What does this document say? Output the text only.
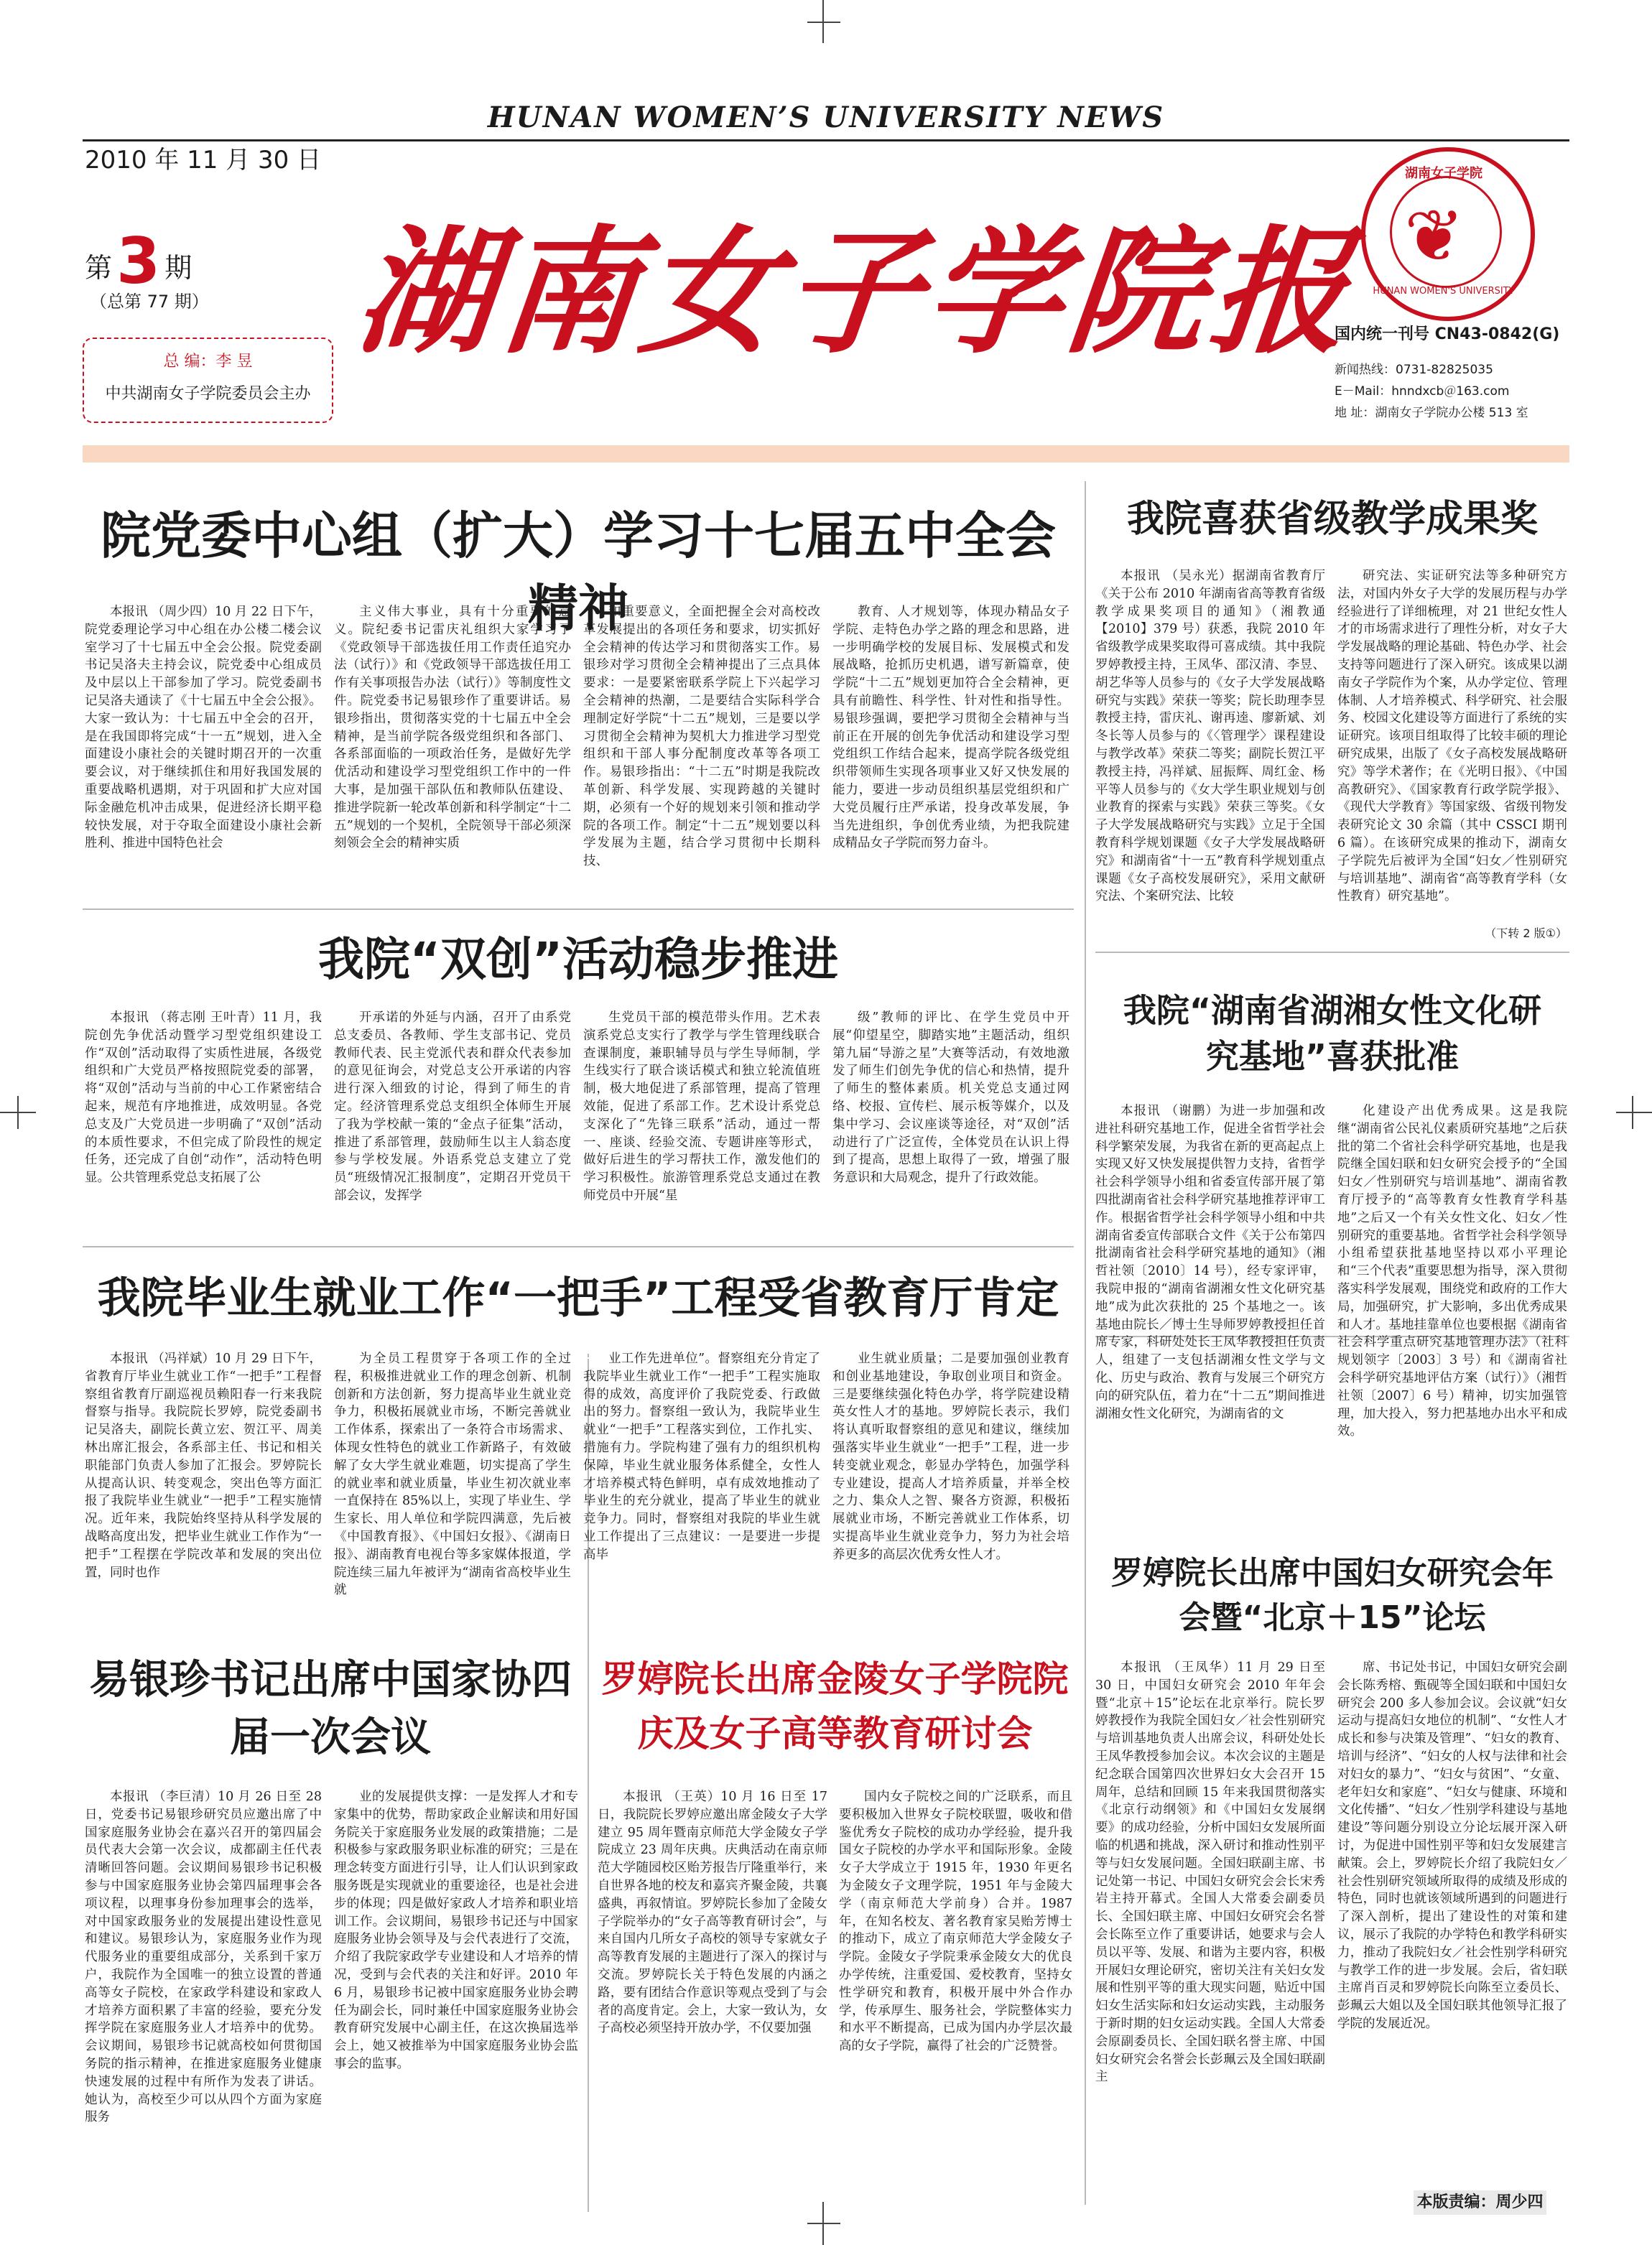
HUNAN WOMEN’S UNIVERSITY NEWS
2010 年 11 月 30 日
第3 期
（总第 77 期）
总 编：李 昱
中共湖南女子学院委员会主办
湖南女子学院报
湖南女子学院
❦
HUNAN WOMEN'S UNIVERSITY
国内统一刊号 CN43-0842(G)
新闻热线：0731-82825035
E－Mail：hnndxcb＠163.com
地 址：湖南女子学院办公楼 513 室
院党委中心组（扩大）学习十七届五中全会精神

本报讯 （周少四）10 月 22 日下午，院党委理论学习中心组在办公楼二楼会议室学习了十七届五中全会公报。院党委副书记吴洛夫主持会议，院党委中心组成员及中层以上干部参加了学习。院党委副书记吴洛夫通读了《十七届五中全会公报》。大家一致认为：十七届五中全会的召开，是在我国即将完成“十一五”规划，进入全面建设小康社会的关键时期召开的一次重要会议，对于继续抓住和用好我国发展的重要战略机遇期，对于巩固和扩大应对国际金融危机冲击成果，促进经济长期平稳较快发展，对于夺取全面建设小康社会新胜利、推进中国特色社会

主义伟大事业，具有十分重要的意义。院纪委书记雷庆礼组织大家学习了《党政领导干部选拔任用工作责任追究办法（试行）》和《党政领导干部选拔任用工作有关事项报告办法（试行）》等制度性文件。院党委书记易银珍作了重要讲话。易银珍指出，贯彻落实党的十七届五中全会精神，是当前学院各级党组织和各部门、各系部面临的一项政治任务，是做好先学优活动和建设学习型党组织工作中的一件大事，是加强干部队伍和教师队伍建设、推进学院新一轮改革创新和科学制定“十二五”规划的一个契机，全院领导干部必须深刻领会全会的精神实质

和重要意义，全面把握全会对高校改革发展提出的各项任务和要求，切实抓好全会精神的传达学习和贯彻落实工作。易银珍对学习贯彻全会精神提出了三点具体要求：一是要紧密联系学院上下兴起学习全会精神的热潮，二是要结合实际科学合理制定好学院“十二五”规划，三是要以学习贯彻全会精神为契机大力推进学习型党组织和干部人事分配制度改革等各项工作。易银珍指出：“十二五”时期是我院改革创新、科学发展、实现跨越的关键时期，必须有一个好的规划来引领和推动学院的各项工作。制定“十二五”规划要以科学发展为主题，结合学习贯彻中长期科技、

教育、人才规划等，体现办精品女子学院、走特色办学之路的理念和思路，进一步明确学校的发展目标、发展模式和发展战略，抢抓历史机遇，谱写新篇章，使学院“十二五”规划更加符合全会精神，更具有前瞻性、科学性、针对性和指导性。易银珍强调，要把学习贯彻全会精神与当前正在开展的创先争优活动和建设学习型党组织工作结合起来，提高学院各级党组织带领师生实现各项事业又好又快发展的能力，要进一步动员组织基层党组织和广大党员履行庄严承诺，投身改革发展，争当先进组织，争创优秀业绩，为把我院建成精品女子学院而努力奋斗。

我院喜获省级教学成果奖

本报讯 （吴永光）据湖南省教育厅《关于公布 2010 年湖南省高等教育省级教学成果奖项目的通知》（湘教通【2010】379 号）获悉，我院 2010 年省级教学成果奖取得可喜成绩。其中我院罗婷教授主持，王凤华、邵汉清、李昱、胡艺华等人员参与的《女子大学发展战略研究与实践》荣获一等奖；院长助理李昱教授主持，雷庆礼、谢再逵、廖新斌、刘冬长等人员参与的《〈管理学〉课程建设与教学改革》荣获二等奖；副院长贺江平教授主持，冯祥斌、屈振辉、周红金、杨平等人员参与的《女大学生职业规划与创业教育的探索与实践》荣获三等奖。《女子大学发展战略研究与实践》立足于全国教育科学规划课题《女子大学发展战略研究》和湖南省“十一五”教育科学规划重点课题《女子高校发展研究》，采用文献研究法、个案研究法、比较

研究法、实证研究法等多种研究方法，对国内外女子大学的发展历程与办学经验进行了详细梳理，对 21 世纪女性人才的市场需求进行了理性分析，对女子大学发展战略的理论基础、特色办学、社会支持等问题进行了深入研究。该成果以湖南女子学院作为个案，从办学定位、管理体制、人才培养模式、科学研究、社会服务、校园文化建设等方面进行了系统的实证研究。该项目组取得了比较丰硕的理论研究成果，出版了《女子高校发展战略研究》等学术著作；在《光明日报》、《中国高教研究》、《国家教育行政学院学报》、《现代大学教育》等国家级、省级刊物发表研究论文 30 余篇（其中 CSSCI 期刊 6 篇）。在该研究成果的推动下，湖南女子学院先后被评为全国“妇女／性别研究与培训基地”、湖南省“高等教育学科（女性教育）研究基地”。

（下转 2 版①）
我院“双创”活动稳步推进

本报讯 （蒋志刚 王叶青）11 月，我院创先争优活动暨学习型党组织建设工作“双创”活动取得了实质性进展，各级党组织和广大党员严格按照院党委的部署，将“双创”活动与当前的中心工作紧密结合起来，规范有序地推进，成效明显。各党总支及广大党员进一步明确了“双创”活动的本质性要求，不但完成了阶段性的规定任务，还完成了自创“动作”，活动特色明显。公共管理系党总支拓展了公

开承诺的外延与内涵，召开了由系党总支委员、各教师、学生支部书记、党员教师代表、民主党派代表和群众代表参加的意见征询会，对党总支公开承诺的内容进行深入细致的讨论，得到了师生的肯定。经济管理系党总支组织全体师生开展了我为学校献一策的“金点子征集”活动，推进了系部管理，鼓励师生以主人翁态度参与学校发展。外语系党总支建立了党员“班级情况汇报制度”，定期召开党员干部会议，发挥学

生党员干部的模范带头作用。艺术表演系党总支实行了教学与学生管理线联合查课制度，兼职辅导员与学生导师制，学生线实行了联合谈话模式和独立轮流值班制，极大地促进了系部管理，提高了管理效能，促进了系部工作。艺术设计系党总支深化了“先锋三联系”活动，通过一帮一、座谈、经验交流、专题讲座等形式，做好后进生的学习帮扶工作，激发他们的学习积极性。旅游管理系党总支通过在教师党员中开展“星

级”教师的评比、在学生党员中开展“仰望星空，脚踏实地”主题活动，组织第九届“导游之星”大赛等活动，有效地激发了师生们创先争优的信心和热情，提升了师生的整体素质。机关党总支通过网络、校报、宣传栏、展示板等媒介，以及集中学习、会议座谈等途径，对“双创”活动进行了广泛宣传，全体党员在认识上得到了提高，思想上取得了一致，增强了服务意识和大局观念，提升了行政效能。

我院“湖南省湖湘女性文化研究基地”喜获批准

本报讯 （谢鹏）为进一步加强和改进社科研究基地工作，促进全省哲学社会科学繁荣发展，为我省在新的更高起点上实现又好又快发展提供智力支持，省哲学社会科学领导小组和省委宣传部开展了第四批湖南省社会科学研究基地推荐评审工作。根据省哲学社会科学领导小组和中共湖南省委宣传部联合文件《关于公布第四批湖南省社会科学研究基地的通知》（湘哲社领〔2010〕14 号），经专家评审，我院申报的“湖南省湖湘女性文化研究基地”成为此次获批的 25 个基地之一。该基地由院长／博士生导师罗婷教授担任首席专家，科研处处长王凤华教授担任负责人，组建了一支包括湖湘女性文学与文化、历史与政治、教育与发展三个研究方向的研究队伍，着力在“十二五”期间推进湖湘女性文化研究，为湖南省的文

化建设产出优秀成果。这是我院继“湖南省公民礼仪素质研究基地”之后获批的第二个省社会科学研究基地，也是我院继全国妇联和妇女研究会授予的“全国妇女／性别研究与培训基地”、湖南省教育厅授予的“高等教育女性教育学科基地”之后又一个有关女性文化、妇女／性别研究的重要基地。省哲学社会科学领导小组希望获批基地坚持以邓小平理论和“三个代表”重要思想为指导，深入贯彻落实科学发展观，围绕党和政府的工作大局，加强研究，扩大影响，多出优秀成果和人才。基地挂靠单位也要根据《湖南省社会科学重点研究基地管理办法》（社科规划领字〔2003〕3 号）和《湖南省社会科学研究基地评估方案（试行）》（湘哲社领〔2007〕6 号）精神，切实加强管理，加大投入，努力把基地办出水平和成效。

我院毕业生就业工作“一把手”工程受省教育厅肯定

本报讯 （冯祥斌）10 月 29 日下午，省教育厅毕业生就业工作“一把手”工程督察组省教育厅副巡视员赖阳春一行来我院督察与指导。我院院长罗婷，院党委副书记吴洛夫，副院长黄立宏、贺江平、周美林出席汇报会，各系部主任、书记和相关职能部门负责人参加了汇报会。罗婷院长从提高认识、转变观念，突出色等方面汇报了我院毕业生就业“一把手”工程实施情况。近年来，我院始终坚持从科学发展的战略高度出发，把毕业生就业工作作为“一把手”工程摆在学院改革和发展的突出位置，同时也作

为全员工程贯穿于各项工作的全过程，积极推进就业工作的理念创新、机制创新和方法创新，努力提高毕业生就业竞争力，积极拓展就业市场，不断完善就业工作体系，探索出了一条符合市场需求、体现女性特色的就业工作新路子，有效破解了女大学生就业难题，切实提高了学生的就业率和就业质量，毕业生初次就业率一直保持在 85%以上，实现了毕业生、学生家长、用人单位和学院四满意，先后被《中国教育报》、《中国妇女报》、《湖南日报》、湖南教育电视台等多家媒体报道，学院连续三届九年被评为“湖南省高校毕业生就

业工作先进单位”。督察组充分肯定了我院毕业生就业工作“一把手”工程实施取得的成效，高度评价了我院党委、行政做出的努力。督察组一致认为，我院毕业生就业“一把手”工程落实到位，工作扎实、措施有力。学院构建了强有力的组织机构保障，毕业生就业服务体系健全，女性人才培养模式特色鲜明，卓有成效地推动了毕业生的充分就业，提高了毕业生的就业竞争力。同时，督察组对我院的毕业生就业工作提出了三点建议：一是要进一步提高毕

业生就业质量；二是要加强创业教育和创业基地建设，争取创业项目和资金。三是要继续强化特色办学，将学院建设精英女性人才的基地。罗婷院长表示，我们将认真听取督察组的意见和建议，继续加强落实毕业生就业“一把手”工程，进一步转变就业观念，彰显办学特色，加强学科专业建设，提高人才培养质量，并举全校之力、集众人之智、聚各方资源，积极拓展就业市场，不断完善就业工作体系，切实提高毕业生就业竞争力，努力为社会培养更多的高层次优秀女性人才。

罗婷院长出席中国妇女研究会年会暨“北京＋15”论坛

本报讯 （王凤华）11 月 29 日至 30 日，中国妇女研究会 2010 年年会暨“北京＋15”论坛在北京举行。院长罗婷教授作为我院全国妇女／社会性别研究与培训基地负责人出席会议，科研处处长王凤华教授参加会议。本次会议的主题是纪念联合国第四次世界妇女大会召开 15 周年，总结和回顾 15 年来我国贯彻落实《北京行动纲领》和《中国妇女发展纲要》的成功经验，分析中国妇女发展所面临的机遇和挑战，深入研讨和推动性别平等与妇女发展问题。全国妇联副主席、书记处第一书记、中国妇女研究会会长宋秀岩主持开幕式。全国人大常委会副委员长、全国妇联主席、中国妇女研究会名誉会长陈至立作了重要讲话，她要求与会人员以平等、发展、和谐为主要内容，积极开展妇女理论研究，密切关注有关妇女发展和性别平等的重大现实问题，贴近中国妇女生活实际和妇女运动实践，主动服务于新时期的妇女运动实践。全国人大常委会原副委员长、全国妇联名誉主席、中国妇女研究会名誉会长彭珮云及全国妇联副主

席、书记处书记，中国妇女研究会副会长陈秀榕、甄砚等全国妇联和中国妇女研究会 200 多人参加会议。会议就“妇女运动与提高妇女地位的机制”、“女性人才成长和参与决策及管理”、“妇女的教育、培训与经济”、“妇女的人权与法律和社会对妇女的暴力”、“妇女与贫困”、“女童、老年妇女和家庭”、“妇女与健康、环境和文化传播”、“妇女／性别学科建设与基地建设”等问题分别设立分论坛展开深入研讨，为促进中国性别平等和妇女发展建言献策。会上，罗婷院长介绍了我院妇女／社会性别研究领域所取得的成绩及形成的特色，同时也就该领域所遇到的问题进行了深入剖析，提出了建设性的对策和建议，展示了我院的办学特色和教学科研实力，推动了我院妇女／社会性别学科研究与教学工作的进一步发展。会后，省妇联主席肖百灵和罗婷院长向陈至立委员长、彭珮云大姐以及全国妇联其他领导汇报了学院的发展近况。

易银珍书记出席中国家协四届一次会议

本报讯 （李巨清）10 月 26 日至 28 日，党委书记易银珍研究员应邀出席了中国家庭服务业协会在嘉兴召开的第四届会员代表大会第一次会议，成都副主任代表清晰回答问题。会议期间易银珍书记积极参与中国家庭服务业协会第四届理事会各项议程，以理事身份参加理事会的选举，对中国家政服务业的发展提出建设性意见和建议。易银珍认为，家庭服务业作为现代服务业的重要组成部分，关系到千家万户，我院作为全国唯一的独立设置的普通高等女子院校，在家政学科建设和家政人才培养方面积累了丰富的经验，要充分发挥学院在家庭服务业人才培养中的优势。会议期间，易银珍书记就高校如何贯彻国务院的指示精神，在推进家庭服务业健康快速发展的过程中有所作为发表了讲话。她认为，高校至少可以从四个方面为家庭服务

业的发展提供支撑：一是发挥人才和专家集中的优势，帮助家政企业解读和用好国务院关于家庭服务业发展的政策措施；二是积极参与家政服务职业标准的研究；三是在理念转变方面进行引导，让人们认识到家政服务既是实现就业的重要途径，也是社会进步的体现；四是做好家政人才培养和职业培训工作。会议期间，易银珍书记还与中国家庭服务业协会领导及与会代表进行了交流，介绍了我院家政学专业建设和人才培养的情况，受到与会代表的关注和好评。2010 年 6 月，易银珍书记被中国家庭服务业协会聘任为副会长，同时兼任中国家庭服务业协会教育研究发展中心副主任，在这次换届选举会上，她又被推举为中国家庭服务业协会监事会的监事。

罗婷院长出席金陵女子学院院庆及女子高等教育研讨会

本报讯 （王英）10 月 16 日至 17 日，我院院长罗婷应邀出席金陵女子大学建立 95 周年暨南京师范大学金陵女子学院成立 23 周年庆典。庆典活动在南京师范大学随园校区贻芳报告厅隆重举行，来自世界各地的校友和嘉宾齐聚金陵，共襄盛典，再叙情谊。罗婷院长参加了金陵女子学院举办的“女子高等教育研讨会”，与来自国内几所女子高校的领导专家就女子高等教育发展的主题进行了深入的探讨与交流。罗婷院长关于特色发展的内涵之路，要有团结合作意识等观点受到了与会者的高度肯定。会上，大家一致认为，女子高校必须坚持开放办学，不仅要加强

国内女子院校之间的广泛联系，而且要积极加入世界女子院校联盟，吸收和借鉴优秀女子院校的成功办学经验，提升我国女子院校的办学水平和国际形象。金陵女子大学成立于 1915 年，1930 年更名为金陵女子文理学院，1951 年与金陵大学（南京师范大学前身）合并。1987 年，在知名校友、著名教育家吴贻芳博士的推动下，成立了南京师范大学金陵女子学院。金陵女子学院秉承金陵女大的优良办学传统，注重爱国、爱校教育，坚持女性学研究和教育，积极开展中外合作办学，传承厚生、服务社会，学院整体实力和水平不断提高，已成为国内办学层次最高的女子学院，赢得了社会的广泛赞誉。

本版责编：周少四
